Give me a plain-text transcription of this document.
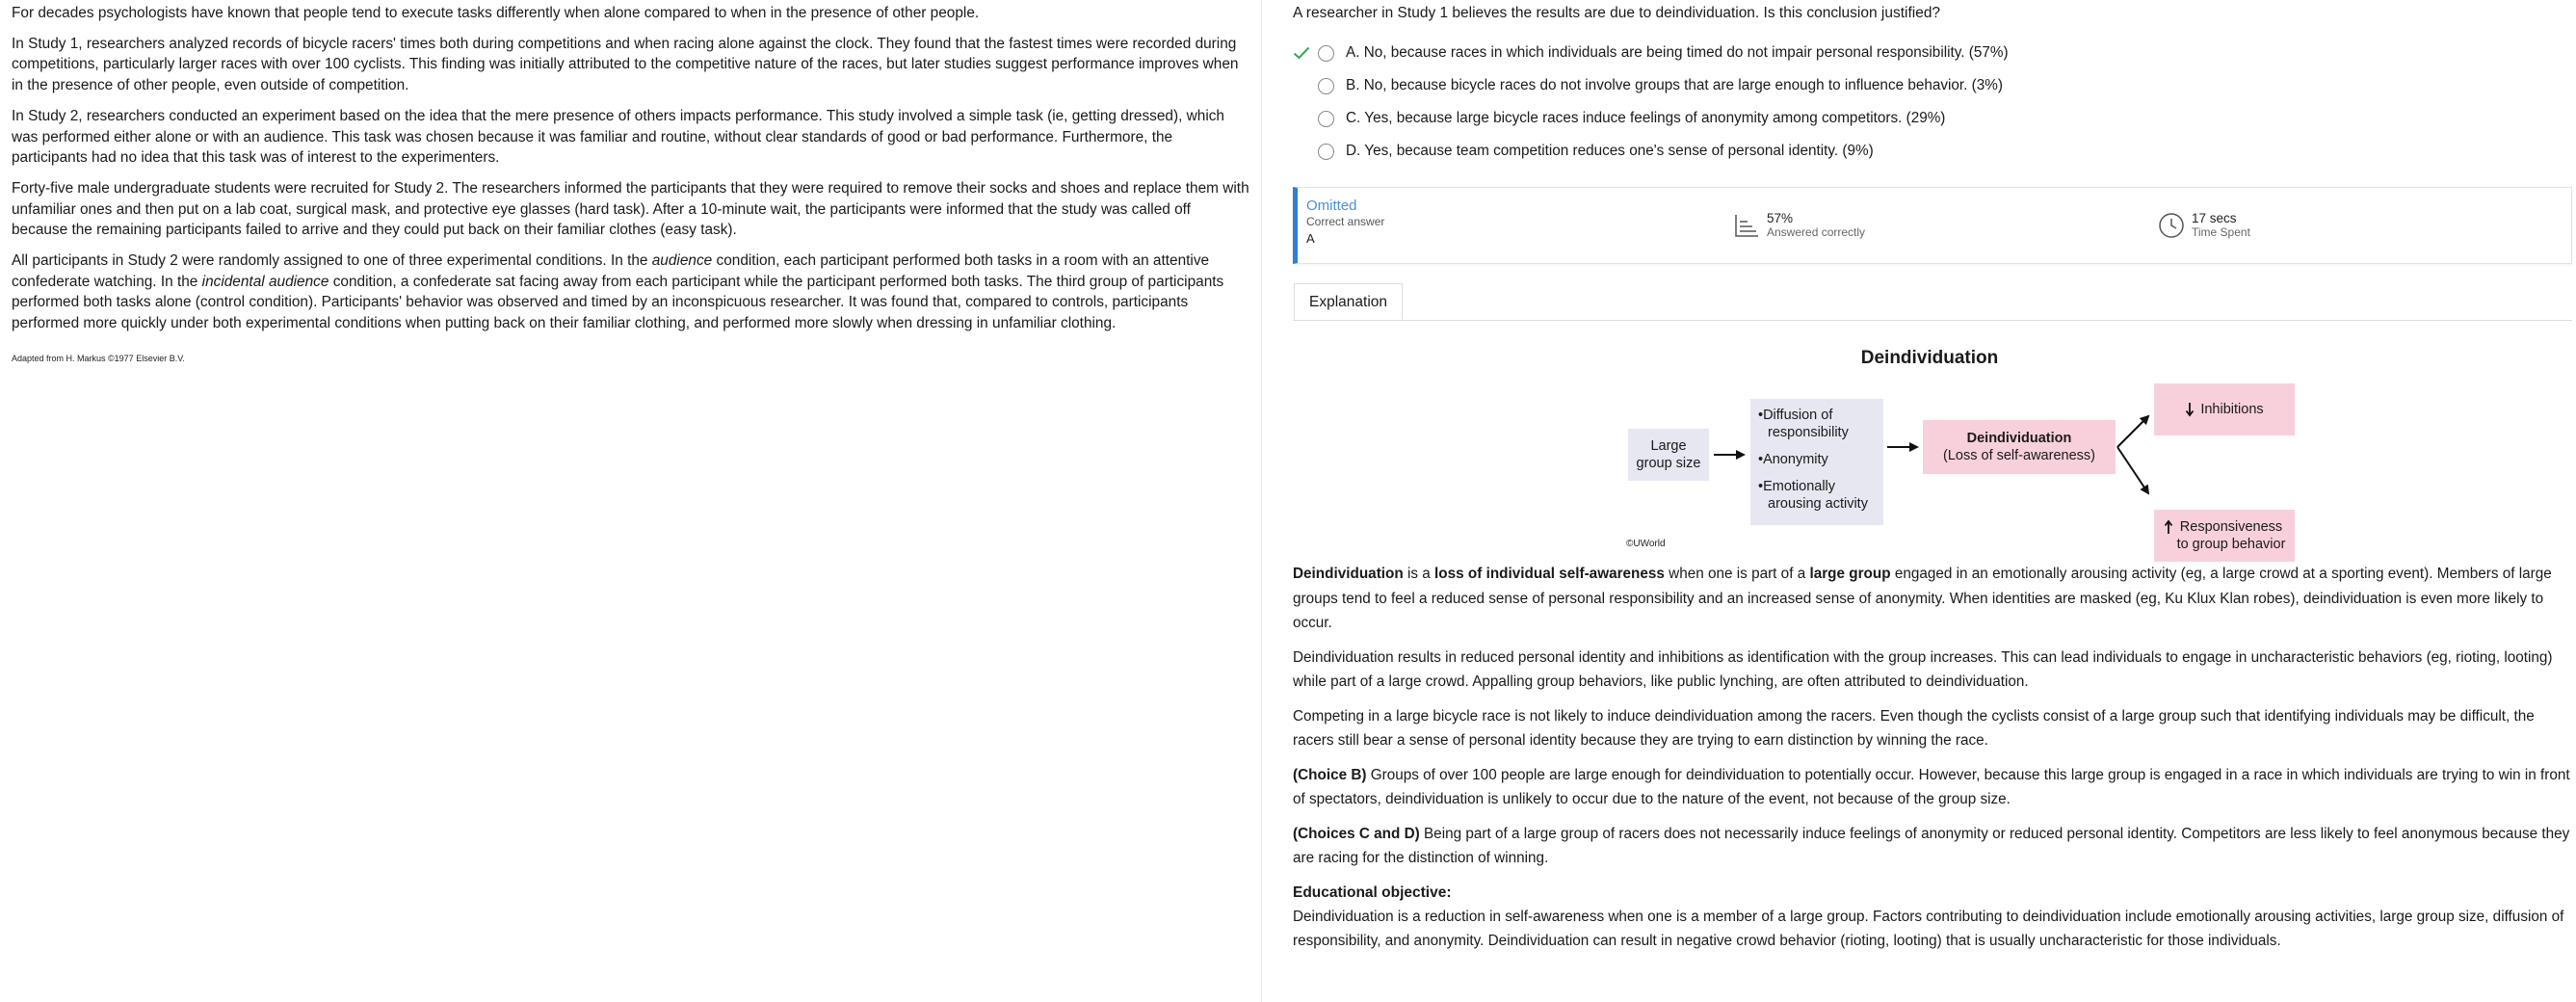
For decades psychologists have known that people tend to execute tasks differently when alone compared to when in the presence of other people.

In Study 1, researchers analyzed records of bicycle racers' times both during competitions and when racing alone against the clock. They found that the fastest times were recorded during competitions, particularly larger races with over 100 cyclists. This finding was initially attributed to the competitive nature of the races, but later studies suggest performance improves when in the presence of other people, even outside of competition.

In Study 2, researchers conducted an experiment based on the idea that the mere presence of others impacts performance. This study involved a simple task (ie, getting dressed), which was performed either alone or with an audience. This task was chosen because it was familiar and routine, without clear standards of good or bad performance. Furthermore, the participants had no idea that this task was of interest to the experimenters.

Forty-five male undergraduate students were recruited for Study 2. The researchers informed the participants that they were required to remove their socks and shoes and replace them with unfamiliar ones and then put on a lab coat, surgical mask, and protective eye glasses (hard task). After a 10-minute wait, the participants were informed that the study was called off because the remaining participants failed to arrive and they could put back on their familiar clothes (easy task).

All participants in Study 2 were randomly assigned to one of three experimental conditions. In the audience condition, each participant performed both tasks in a room with an attentive confederate watching. In the incidental audience condition, a confederate sat facing away from each participant while the participant performed both tasks. The third group of participants performed both tasks alone (control condition). Participants' behavior was observed and timed by an inconspicuous researcher. It was found that, compared to controls, participants performed more quickly under both experimental conditions when putting back on their familiar clothing, and performed more slowly when dressing in unfamiliar clothing.

Adapted from H. Markus ©1977 Elsevier B.V.
A researcher in Study 1 believes the results are due to deindividuation. Is this conclusion justified?
A. No, because races in which individuals are being timed do not impair personal responsibility. (57%)
B. No, because bicycle races do not involve groups that are large enough to influence behavior. (3%)
C. Yes, because large bicycle races induce feelings of anonymity among competitors. (29%)
D. Yes, because team competition reduces one's sense of personal identity. (9%)
Omitted
Correct answer
A
57%
Answered correctly
17 secs
Time Spent
Explanation
Deindividuation
Large
group size
•Diffusion of responsibility
•Anonymity
•Emotionally arousing activity
Deindividuation
(Loss of self-awareness)
Inhibitions
Responsiveness
to group behavior
©UWorld

Deindividuation is a loss of individual self-awareness when one is part of a large group engaged in an emotionally arousing activity (eg, a large crowd at a sporting event). Members of large groups tend to feel a reduced sense of personal responsibility and an increased sense of anonymity. When identities are masked (eg, Ku Klux Klan robes), deindividuation is even more likely to occur.

Deindividuation results in reduced personal identity and inhibitions as identification with the group increases. This can lead individuals to engage in uncharacteristic behaviors (eg, rioting, looting) while part of a large crowd. Appalling group behaviors, like public lynching, are often attributed to deindividuation.

Competing in a large bicycle race is not likely to induce deindividuation among the racers. Even though the cyclists consist of a large group such that identifying individuals may be difficult, the racers still bear a sense of personal identity because they are trying to earn distinction by winning the race.

(Choice B) Groups of over 100 people are large enough for deindividuation to potentially occur. However, because this large group is engaged in a race in which individuals are trying to win in front of spectators, deindividuation is unlikely to occur due to the nature of the event, not because of the group size.

(Choices C and D) Being part of a large group of racers does not necessarily induce feelings of anonymity or reduced personal identity. Competitors are less likely to feel anonymous because they are racing for the distinction of winning.

Educational objective:

Deindividuation is a reduction in self-awareness when one is a member of a large group. Factors contributing to deindividuation include emotionally arousing activities, large group size, diffusion of responsibility, and anonymity. Deindividuation can result in negative crowd behavior (rioting, looting) that is usually uncharacteristic for those individuals.
